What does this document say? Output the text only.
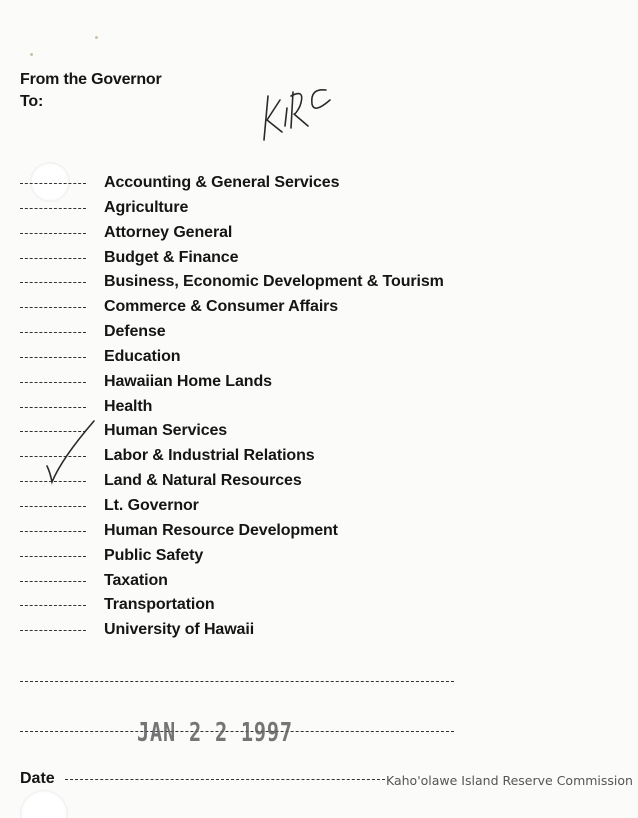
From the Governor
To:
Accounting & General Services
Agriculture
Attorney General
Budget & Finance
Business, Economic Development & Tourism
Commerce & Consumer Affairs
Defense
Education
Hawaiian Home Lands
Health
Human Services
Labor & Industrial Relations
Land & Natural Resources
Lt. Governor
Human Resource Development
Public Safety
Taxation
Transportation
University of Hawaii
JAN 2 2 1997
Date	Kaho'olawe Island Reserve Commission
